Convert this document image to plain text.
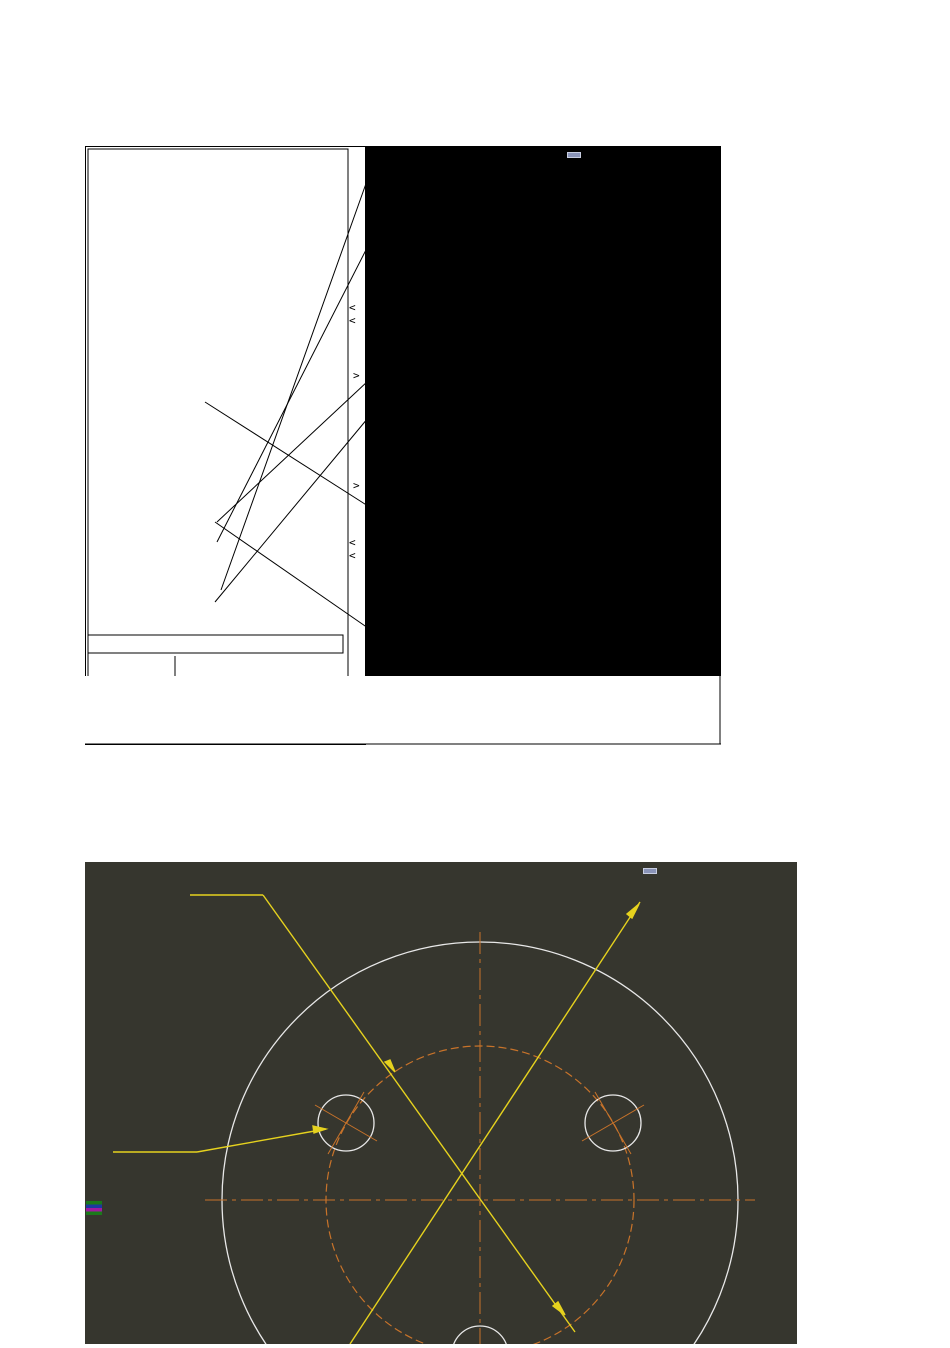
<
<
>
>
<
<
